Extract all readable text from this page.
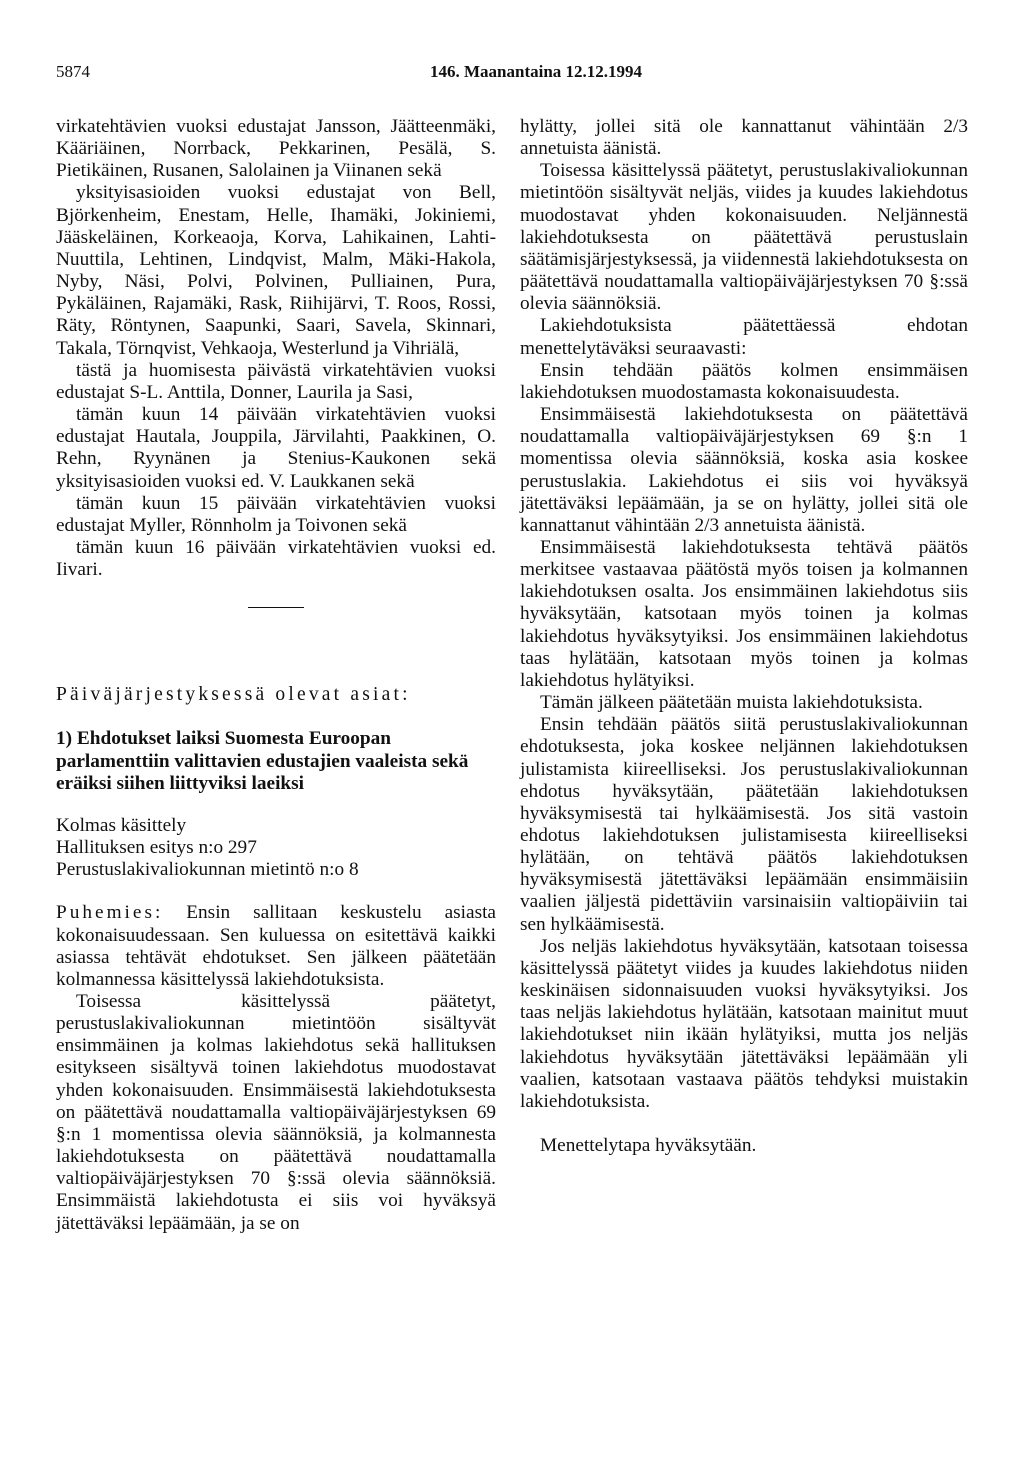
5874	146. Maanantaina 12.12.1994

virkatehtävien vuoksi edustajat Jansson, Jäätteenmäki, Kääriäinen, Norrback, Pekkarinen, Pesälä, S. Pietikäinen, Rusanen, Salolainen ja Viinanen sekä

yksityisasioiden vuoksi edustajat von Bell, Björkenheim, Enestam, Helle, Ihamäki, Jokiniemi, Jääskeläinen, Korkeaoja, Korva, Lahikainen, Lahti-Nuuttila, Lehtinen, Lindqvist, Malm, Mäki-Hakola, Nyby, Näsi, Polvi, Polvinen, Pulliainen, Pura, Pykäläinen, Rajamäki, Rask, Riihijärvi, T. Roos, Rossi, Räty, Röntynen, Saapunki, Saari, Savela, Skinnari, Takala, Törnqvist, Vehkaoja, Westerlund ja Vihriälä,

tästä ja huomisesta päivästä virkatehtävien vuoksi edustajat S-L. Anttila, Donner, Laurila ja Sasi,

tämän kuun 14 päivään virkatehtävien vuoksi edustajat Hautala, Jouppila, Järvilahti, Paakkinen, O. Rehn, Ryynänen ja Stenius-Kaukonen sekä yksityisasioiden vuoksi ed. V. Laukkanen sekä

tämän kuun 15 päivään virkatehtävien vuoksi edustajat Myller, Rönnholm ja Toivonen sekä

tämän kuun 16 päivään virkatehtävien vuoksi ed. Iivari.

Päiväjärjestyksessä olevat asiat:

1) Ehdotukset laiksi Suomesta Euroopan parlamenttiin valittavien edustajien vaaleista sekä eräiksi siihen liittyviksi laeiksi

Kolmas käsittely
Hallituksen esitys n:o 297
Perustuslakivaliokunnan mietintö n:o 8

Puhemies: Ensin sallitaan keskustelu asiasta kokonaisuudessaan. Sen kuluessa on esitettävä kaikki asiassa tehtävät ehdotukset. Sen jälkeen päätetään kolmannessa käsittelyssä lakiehdotuksista.

Toisessa käsittelyssä päätetyt, perustuslakivaliokunnan mietintöön sisältyvät ensimmäinen ja kolmas lakiehdotus sekä hallituksen esitykseen sisältyvä toinen lakiehdotus muodostavat yhden kokonaisuuden. Ensimmäisestä lakiehdotuksesta on päätettävä noudattamalla valtiopäiväjärjestyksen 69 §:n 1 momentissa olevia säännöksiä, ja kolmannesta lakiehdotuksesta on päätettävä noudattamalla valtiopäiväjärjestyksen 70 §:ssä olevia säännöksiä. Ensimmäistä lakiehdotusta ei siis voi hyväksyä jätettäväksi lepäämään, ja se on

hylätty, jollei sitä ole kannattanut vähintään 2/3 annetuista äänistä.

Toisessa käsittelyssä päätetyt, perustuslakivaliokunnan mietintöön sisältyvät neljäs, viides ja kuudes lakiehdotus muodostavat yhden kokonaisuuden. Neljännestä lakiehdotuksesta on päätettävä perustuslain säätämisjärjestyksessä, ja viidennestä lakiehdotuksesta on päätettävä noudattamalla valtiopäiväjärjestyksen 70 §:ssä olevia säännöksiä.

Lakiehdotuksista päätettäessä ehdotan menettelytäväksi seuraavasti:

Ensin tehdään päätös kolmen ensimmäisen lakiehdotuksen muodostamasta kokonaisuudesta.

Ensimmäisestä lakiehdotuksesta on päätettävä noudattamalla valtiopäiväjärjestyksen 69 §:n 1 momentissa olevia säännöksiä, koska asia koskee perustuslakia. Lakiehdotus ei siis voi hyväksyä jätettäväksi lepäämään, ja se on hylätty, jollei sitä ole kannattanut vähintään 2/3 annetuista äänistä.

Ensimmäisestä lakiehdotuksesta tehtävä päätös merkitsee vastaavaa päätöstä myös toisen ja kolmannen lakiehdotuksen osalta. Jos ensimmäinen lakiehdotus siis hyväksytään, katsotaan myös toinen ja kolmas lakiehdotus hyväksytyiksi. Jos ensimmäinen lakiehdotus taas hylätään, katsotaan myös toinen ja kolmas lakiehdotus hylätyiksi.

Tämän jälkeen päätetään muista lakiehdotuksista.

Ensin tehdään päätös siitä perustuslakivaliokunnan ehdotuksesta, joka koskee neljännen lakiehdotuksen julistamista kiireelliseksi. Jos perustuslakivaliokunnan ehdotus hyväksytään, päätetään lakiehdotuksen hyväksymisestä tai hylkäämisestä. Jos sitä vastoin ehdotus lakiehdotuksen julistamisesta kiireelliseksi hylätään, on tehtävä päätös lakiehdotuksen hyväksymisestä jätettäväksi lepäämään ensimmäisiin vaalien jäljestä pidettäviin varsinaisiin valtiopäiviin tai sen hylkäämisestä.

Jos neljäs lakiehdotus hyväksytään, katsotaan toisessa käsittelyssä päätetyt viides ja kuudes lakiehdotus niiden keskinäisen sidonnaisuuden vuoksi hyväksytyiksi. Jos taas neljäs lakiehdotus hylätään, katsotaan mainitut muut lakiehdotukset niin ikään hylätyiksi, mutta jos neljäs lakiehdotus hyväksytään jätettäväksi lepäämään yli vaalien, katsotaan vastaava päätös tehdyksi muistakin lakiehdotuksista.

Menettelytapa hyväksytään.
